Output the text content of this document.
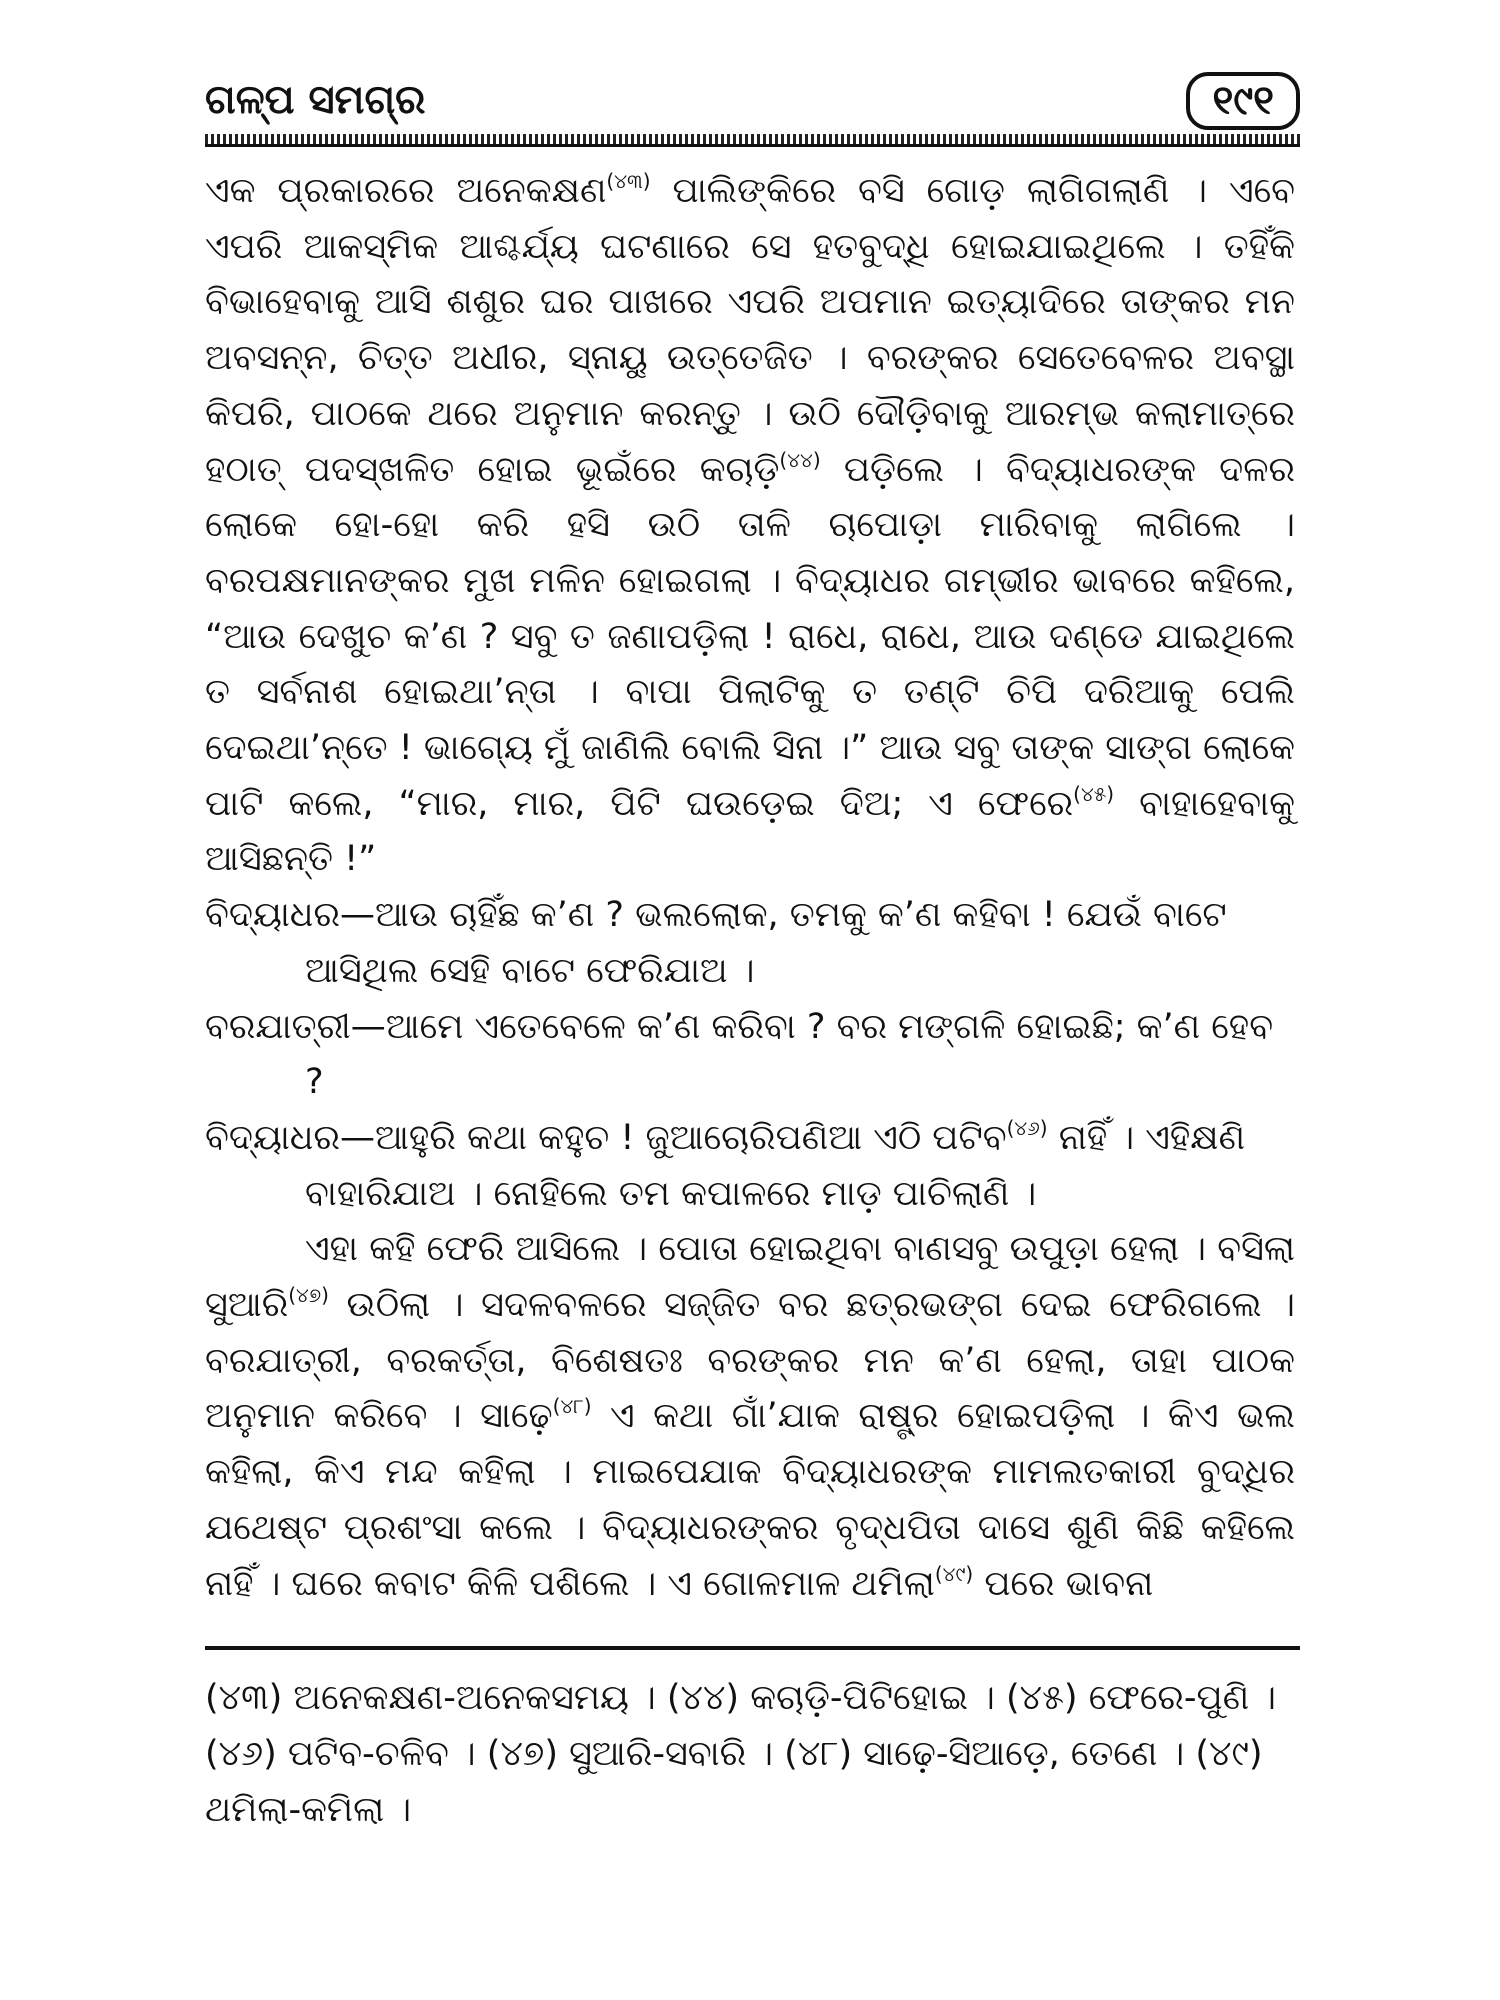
ଗଳ୍ପ ସମଗ୍ର	୧୯୧

ଏକ ପ୍ରକାରରେ ଅନେକକ୍ଷଣ$^{(୪୩)}$ ପାଲିଙ୍କିରେ ବସି ଗୋଡ଼ ଲାଗିଗଲାଣି । ଏବେ ଏପରି ଆକସ୍ମିକ ଆଶ୍ଚର୍ଯ୍ୟ ଘଟଣାରେ ସେ ହତବୁଦ୍ଧି ହୋଇଯାଇଥିଲେ । ତହିଁକି ବିଭାହେବାକୁ ଆସି ଶଶୁର ଘର ପାଖରେ ଏପରି ଅପମାନ ଇତ୍ୟାଦିରେ ତାଙ୍କର ମନ ଅବସନ୍ନ, ଚିତ୍ତ ଅଧୀର, ସ୍ନାୟୁ ଉତ୍ତେଜିତ । ବରଙ୍କର ସେତେବେଳର ଅବସ୍ଥା କିପରି, ପାଠକେ ଥରେ ଅନୁମାନ କରନ୍ତୁ । ଉଠି ଦୌଡ଼ିବାକୁ ଆରମ୍ଭ କଲାମାତ୍ରେ ହଠାତ୍ ପଦସ୍ଖଳିତ ହୋଇ ଭୂଇଁରେ କଚାଡ଼ି$^{(୪୪)}$ ପଡ଼ିଲେ । ବିଦ୍ୟାଧରଙ୍କ ଦଳର ଲୋକେ ହୋ-ହୋ କରି ହସି ଉଠି ତାଳି ଚାପୋଡ଼ା ମାରିବାକୁ ଲାଗିଲେ । ବରପକ୍ଷମାନଙ୍କର ମୁଖ ମଳିନ ହୋଇଗଲା । ବିଦ୍ୟାଧର ଗମ୍ଭୀର ଭାବରେ କହିଲେ, “ଆଉ ଦେଖୁଚ କ’ଣ ? ସବୁ ତ ଜଣାପଡ଼ିଲା ! ରାଧେ, ରାଧେ, ଆଉ ଦଣ୍ଡେ ଯାଇଥିଲେ ତ ସର୍ବନାଶ ହୋଇଥା’ନ୍ତା । ବାପା ପିଲାଟିକୁ ତ ତଣ୍ଟି ଚିପି ଦରିଆକୁ ପେଲି ଦେଇଥା’ନ୍ତେ ! ଭାଗ୍ୟେ ମୁଁ ଜାଣିଲି ବୋଲି ସିନା ।” ଆଉ ସବୁ ତାଙ୍କ ସାଙ୍ଗ ଲୋକେ ପାଟି କଲେ, “ମାର, ମାର, ପିଟି ଘଉଡ଼େଇ ଦିଅ; ଏ ଫେରେ$^{(୪୫)}$ ବାହାହେବାକୁ ଆସିଛନ୍ତି !”

ବିଦ୍ୟାଧର—ଆଉ ଚାହିଁଛ କ’ଣ ? ଭଲଲୋକ, ତମକୁ କ’ଣ କହିବା ! ଯେଉଁ ବାଟେ ଆସିଥିଲ ସେହି ବାଟେ ଫେରିଯାଅ ।

ବରଯାତ୍ରୀ—ଆମେ ଏତେବେଳେ କ’ଣ କରିବା ? ବର ମଙ୍ଗଳି ହୋଇଛି; କ’ଣ ହେବ ?

ବିଦ୍ୟାଧର—ଆହୁରି କଥା କହୁଚ ! ଜୁଆଚୋରିପଣିଆ ଏଠି ପଟିବ$^{(୪୬)}$ ନାହିଁ । ଏହିକ୍ଷଣି ବାହାରିଯାଅ । ନୋହିଲେ ତମ କପାଳରେ ମାଡ଼ ପାଚିଲାଣି ।

ଏହା କହି ଫେରି ଆସିଲେ । ପୋତା ହୋଇଥିବା ବାଣସବୁ ଉପୁଡ଼ା ହେଲା । ବସିଲା ସୁଆରି$^{(୪୭)}$ ଉଠିଲା । ସଦଳବଳରେ ସଜ୍ଜିତ ବର ଛତ୍ରଭଙ୍ଗ ଦେଇ ଫେରିଗଲେ । ବରଯାତ୍ରୀ, ବରକର୍ତ୍ତା, ବିଶେଷତଃ ବରଙ୍କର ମନ କ’ଣ ହେଲା, ତାହା ପାଠକ ଅନୁମାନ କରିବେ । ସାଢ଼େ$^{(୪୮)}$ ଏ କଥା ଗାଁ’ଯାକ ରାଷ୍ଟ୍ର ହୋଇପଡ଼ିଲା । କିଏ ଭଲ କହିଲା, କିଏ ମନ୍ଦ କହିଲା । ମାଇପେଯାକ ବିଦ୍ୟାଧରଙ୍କ ମାମଲତକାରୀ ବୁଦ୍ଧିର ଯଥେଷ୍ଟ ପ୍ରଶଂସା କଲେ । ବିଦ୍ୟାଧରଙ୍କର ବୃଦ୍ଧପିତା ଦାସେ ଶୁଣି କିଛି କହିଲେ ନାହିଁ । ଘରେ କବାଟ କିଳି ପଶିଲେ । ଏ ଗୋଳମାଳ ଥମିଲା$^{(୪୯)}$ ପରେ ଭାବନା

(୪୩) ଅନେକକ୍ଷଣ-ଅନେକସମୟ । (୪୪) କଚାଡ଼ି-ପିଟିହୋଇ । (୪୫) ଫେରେ-ପୁଣି । (୪୬) ପଟିବ-ଚଳିବ । (୪୭) ସୁଆରି-ସବାରି । (୪୮) ସାଢ଼େ-ସିଆଡ଼େ, ତେଣେ । (୪୯) ଥମିଲା-କମିଲା ।
